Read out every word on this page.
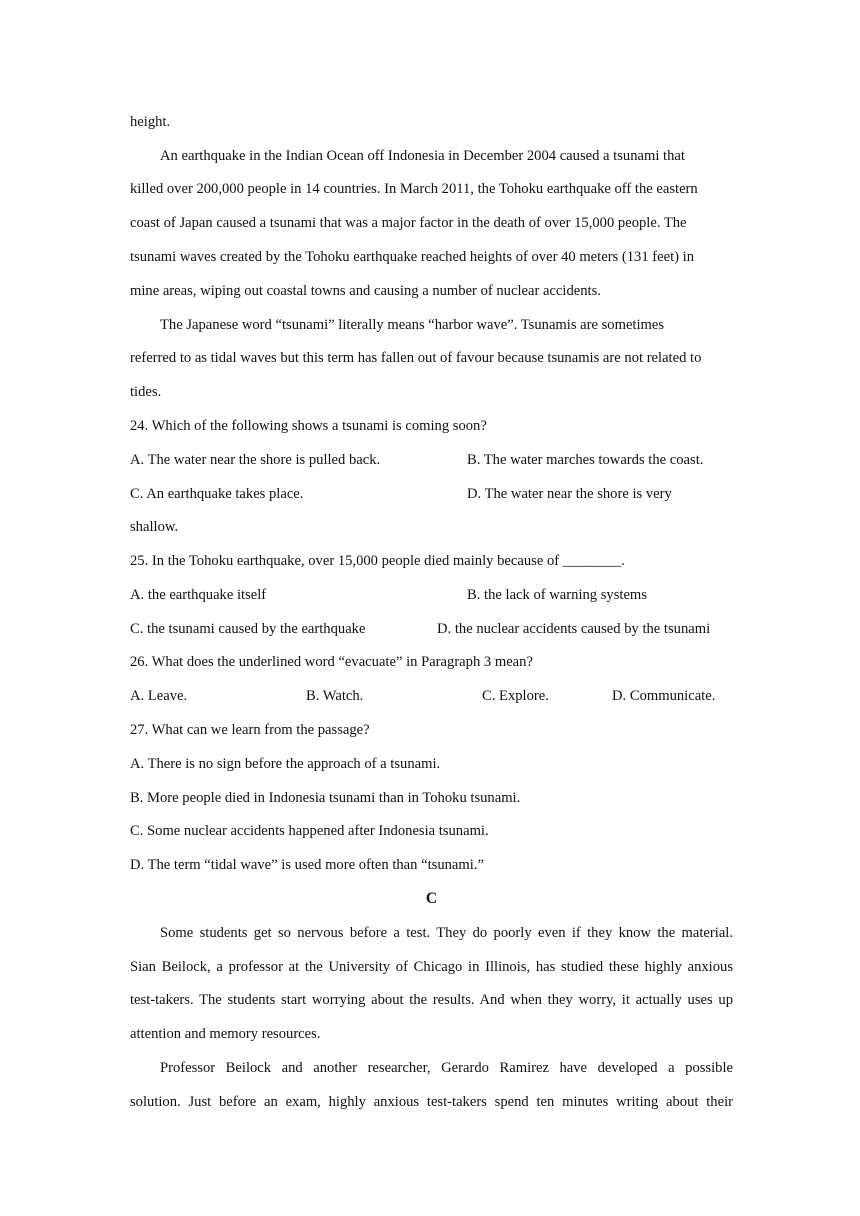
height.

An earthquake in the Indian Ocean off Indonesia in December 2004 caused a tsunami that

killed over 200,000 people in 14 countries. In March 2011, the Tohoku earthquake off the eastern

coast of Japan caused a tsunami that was a major factor in the death of over 15,000 people. The

tsunami waves created by the Tohoku earthquake reached heights of over 40 meters (131 feet) in

mine areas, wiping out coastal towns and causing a number of nuclear accidents.

The Japanese word “tsunami” literally means “harbor wave”. Tsunamis are sometimes

referred to as tidal waves but this term has fallen out of favour because tsunamis are not related to

tides.

24. Which of the following shows a tsunami is coming soon?

A. The water near the shore is pulled back.	B. The water marches towards the coast.
C. An earthquake takes place.	D. The water near the shore is very
shallow.

25. In the Tohoku earthquake, over 15,000 people died mainly because of ________.

A. the earthquake itself	B. the lack of warning systems
C. the tsunami caused by the earthquake	D. the nuclear accidents caused by the tsunami

26. What does the underlined word “evacuate” in Paragraph 3 mean?

A. Leave.	B. Watch.	C. Explore.	D. Communicate.

27. What can we learn from the passage?

A. There is no sign before the approach of a tsunami.

B. More people died in Indonesia tsunami than in Tohoku tsunami.

C. Some nuclear accidents happened after Indonesia tsunami.

D. The term “tidal wave” is used more often than “tsunami.”

C

Some students get so nervous before a test. They do poorly even if they know the material.

Sian Beilock, a professor at the University of Chicago in Illinois, has studied these highly anxious

test-takers. The students start worrying about the results. And when they worry, it actually uses up

attention and memory resources.

Professor Beilock and another researcher, Gerardo Ramirez have developed a possible

solution. Just before an exam, highly anxious test-takers spend ten minutes writing about their
